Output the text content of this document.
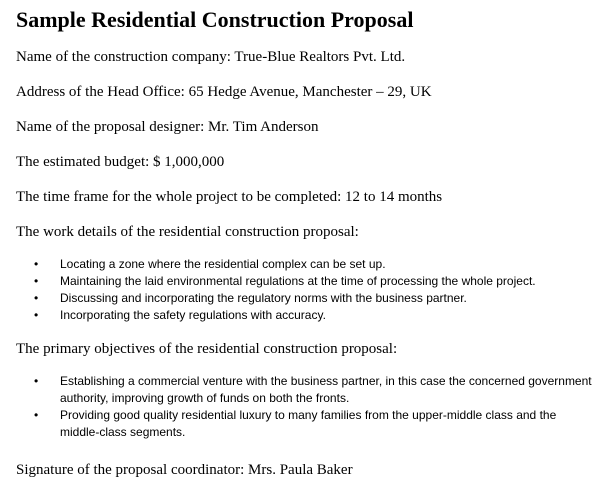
Sample Residential Construction Proposal

Name of the construction company: True-Blue Realtors Pvt. Ltd.

Address of the Head Office: 65 Hedge Avenue, Manchester – 29, UK

Name of the proposal designer: Mr. Tim Anderson

The estimated budget: $ 1,000,000

The time frame for the whole project to be completed: 12 to 14 months

The work details of the residential construction proposal:

• Locating a zone where the residential complex can be set up.
• Maintaining the laid environmental regulations at the time of processing the whole project.
• Discussing and incorporating the regulatory norms with the business partner.
• Incorporating the safety regulations with accuracy.

The primary objectives of the residential construction proposal:

• Establishing a commercial venture with the business partner, in this case the concerned government authority, improving growth of funds on both the fronts.
• Providing good quality residential luxury to many families from the upper-middle class and the middle-class segments.

Signature of the proposal coordinator: Mrs. Paula Baker
